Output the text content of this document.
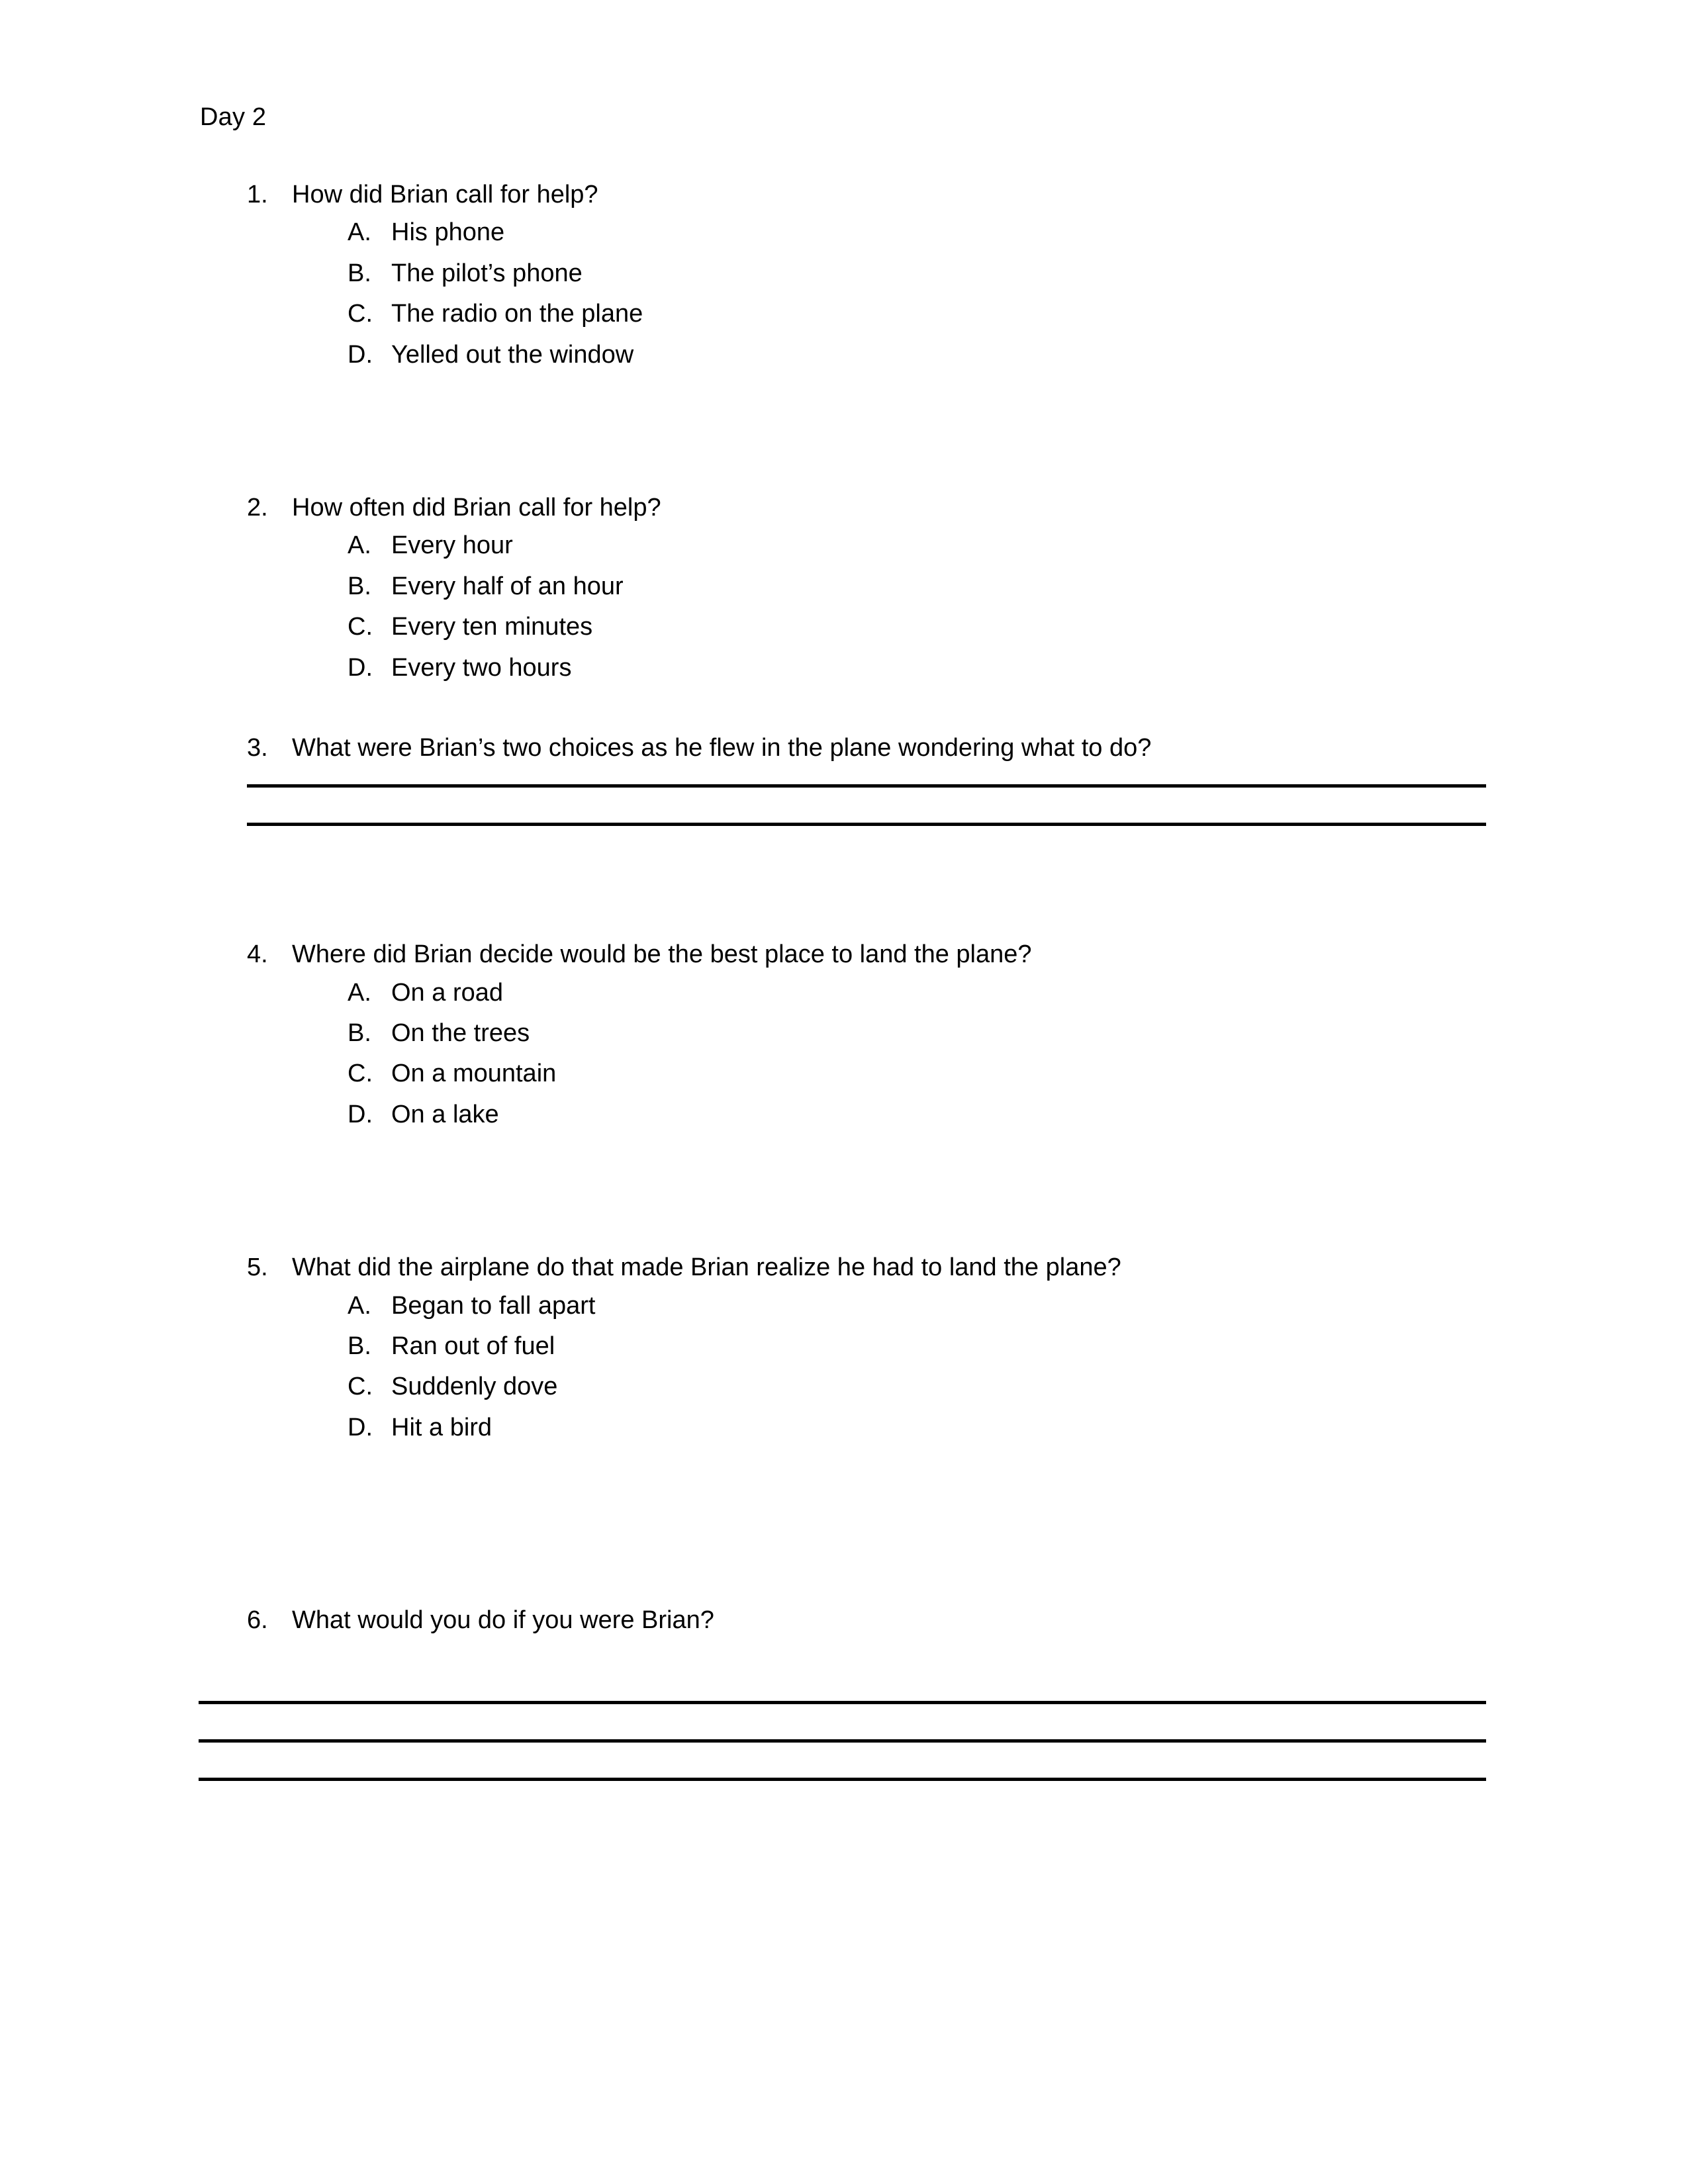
Day 2
1. How did Brian call for help?
A. His phone
B. The pilot’s phone
C. The radio on the plane
D. Yelled out the window
2. How often did Brian call for help?
A. Every hour
B. Every half of an hour
C. Every ten minutes
D. Every two hours
3. What were Brian’s two choices as he flew in the plane wondering what to do?
4. Where did Brian decide would be the best place to land the plane?
A. On a road
B. On the trees
C. On a mountain
D. On a lake
5. What did the airplane do that made Brian realize he had to land the plane?
A. Began to fall apart
B. Ran out of fuel
C. Suddenly dove
D. Hit a bird
6. What would you do if you were Brian?
